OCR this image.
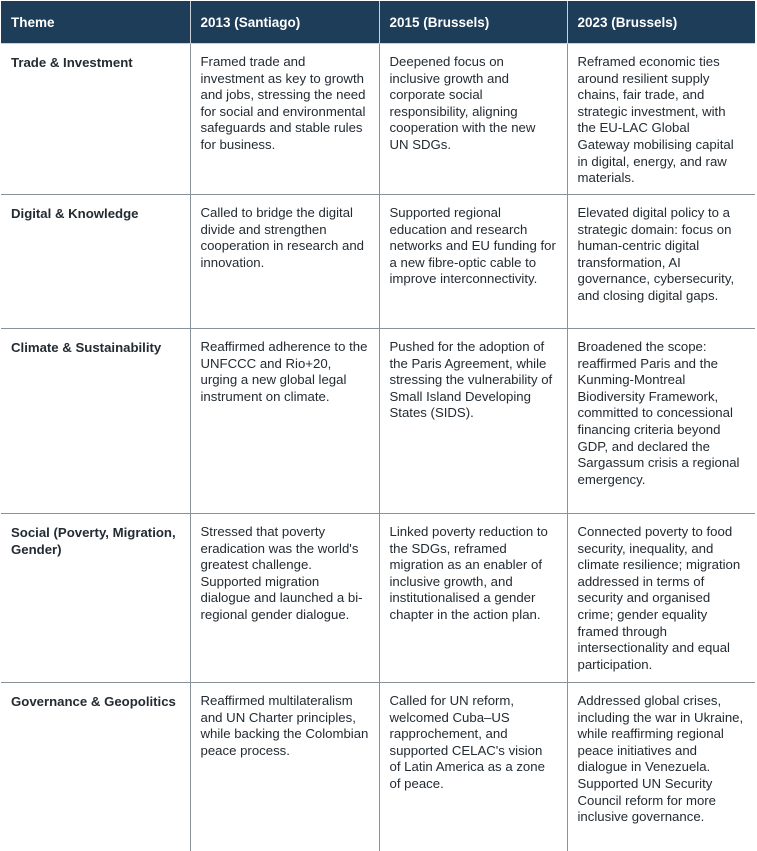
Theme	2013 (Santiago)	2015 (Brussels)	2023 (Brussels)
Trade & Investment	Framed trade and investment as key to growth and jobs, stressing the need for social and environmental safeguards and stable rules for business.	Deepened focus on inclusive growth and corporate social responsibility, aligning cooperation with the new UN SDGs.	Reframed economic ties around resilient supply chains, fair trade, and strategic investment, with the EU-LAC Global Gateway mobilising capital in digital, energy, and raw materials.
Digital & Knowledge	Called to bridge the digital divide and strengthen cooperation in research and innovation.	Supported regional education and research networks and EU funding for a new fibre-optic cable to improve interconnectivity.	Elevated digital policy to a strategic domain: focus on human-centric digital transformation, AI governance, cybersecurity, and closing digital gaps.
Climate & Sustainability	Reaffirmed adherence to the UNFCCC and Rio+20, urging a new global legal instrument on climate.	Pushed for the adoption of the Paris Agreement, while stressing the vulnerability of Small Island Developing States (SIDS).	Broadened the scope: reaffirmed Paris and the Kunming-Montreal Biodiversity Framework, committed to concessional financing criteria beyond GDP, and declared the Sargassum crisis a regional emergency.
Social (Poverty, Migration, Gender)	Stressed that poverty eradication was the world's greatest challenge. Supported migration dialogue and launched a bi-regional gender dialogue.	Linked poverty reduction to the SDGs, reframed migration as an enabler of inclusive growth, and institutionalised a gender chapter in the action plan.	Connected poverty to food security, inequality, and climate resilience; migration addressed in terms of security and organised crime; gender equality framed through intersectionality and equal participation.
Governance & Geopolitics	Reaffirmed multilateralism and UN Charter principles, while backing the Colombian peace process.	Called for UN reform, welcomed Cuba–US rapprochement, and supported CELAC's vision of Latin America as a zone of peace.	Addressed global crises, including the war in Ukraine, while reaffirming regional peace initiatives and dialogue in Venezuela. Supported UN Security Council reform for more inclusive governance.
